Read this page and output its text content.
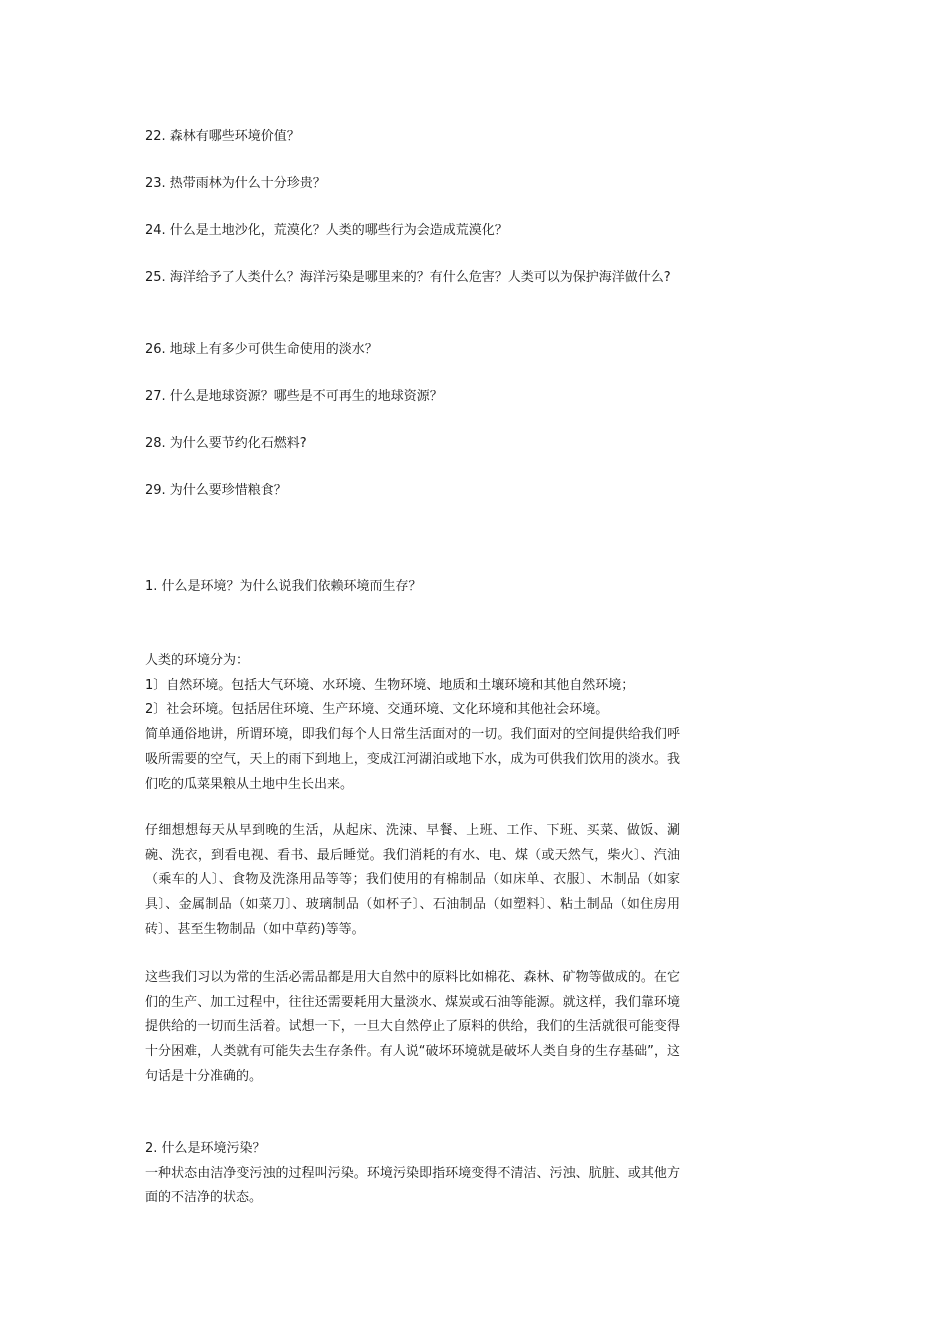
22. 森林有哪些环境价值？

23. 热带雨林为什么十分珍贵？

24. 什么是土地沙化，荒漠化？人类的哪些行为会造成荒漠化？

25. 海洋给予了人类什么？海洋污染是哪里来的？有什么危害？人类可以为保护海洋做什么?

26. 地球上有多少可供生命使用的淡水？

27. 什么是地球资源？哪些是不可再生的地球资源？

28. 为什么要节约化石燃料?

29. 为什么要珍惜粮食？

1. 什么是环境？为什么说我们依赖环境而生存？

人类的环境分为：

1〕自然环境。包括大气环境、水环境、生物环境、地质和土壤环境和其他自然环境；

2〕社会环境。包括居住环境、生产环境、交通环境、文化环境和其他社会环境。

简单通俗地讲，所谓环境，即我们每个人日常生活面对的一切。我们面对的空间提供给我们呼吸所需要的空气，天上的雨下到地上，变成江河湖泊或地下水，成为可供我们饮用的淡水。我们吃的瓜菜果粮从土地中生长出来。

仔细想想每天从早到晚的生活，从起床、洗涑、早餐、上班、工作、下班、买菜、做饭、涮碗、洗衣，到看电视、看书、最后睡觉。我们消耗的有水、电、煤（或天然气，柴火〕、汽油（乘车的人〕、食物及洗涤用品等等；我们使用的有棉制品（如床单、衣服〕、木制品（如家具〕、金属制品（如菜刀〕、玻璃制品（如杯子〕、石油制品（如塑料〕、粘土制品（如住房用砖〕、甚至生物制品（如中草药)等等。

这些我们习以为常的生活必需品都是用大自然中的原料比如棉花、森林、矿物等做成的。在它们的生产、加工过程中，往往还需要耗用大量淡水、煤炭或石油等能源。就这样，我们靠环境提供给的一切而生活着。试想一下，一旦大自然停止了原料的供给，我们的生活就很可能变得十分困难，人类就有可能失去生存条件。有人说“破坏环境就是破坏人类自身的生存基础”，这句话是十分准确的。

2. 什么是环境污染？

一种状态由洁净变污浊的过程叫污染。环境污染即指环境变得不清洁、污浊、肮脏、或其他方面的不洁净的状态。
